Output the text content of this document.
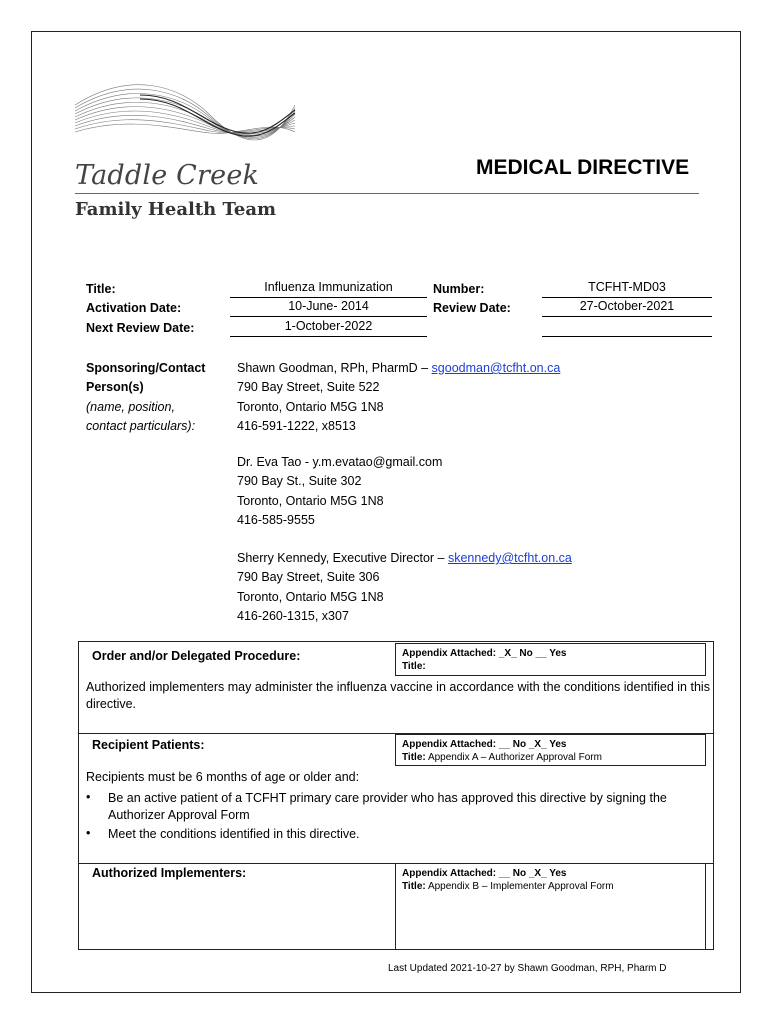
Taddle Creek
Family Health Team
MEDICAL DIRECTIVE
Title:	Influenza Immunization	Number:	TCFHT-MD03
Activation Date:	10-June- 2014	Review Date:	27-October-2021
Next Review Date:	1-October-2022
Sponsoring/Contact
Person(s)
(name, position,
contact particulars):
Shawn Goodman, RPh, PharmD – sgoodman@tcfht.on.ca
790 Bay Street, Suite 522
Toronto, Ontario M5G 1N8
416-591-1222, x8513
Dr. Eva Tao - y.m.evatao@gmail.com
790 Bay St., Suite 302
Toronto, Ontario M5G 1N8
416-585-9555
Sherry Kennedy, Executive Director – skennedy@tcfht.on.ca
790 Bay Street, Suite 306
Toronto, Ontario M5G 1N8
416-260-1315, x307
Order and/or Delegated Procedure:	Appendix Attached: _X_ No __ Yes
Title:
Authorized implementers may administer the influenza vaccine in accordance with the conditions identified in this directive.
Recipient Patients:	Appendix Attached: __ No _X_ Yes
Title: Appendix A – Authorizer Approval Form
Recipients must be 6 months of age or older and:
• Be an active patient of a TCFHT primary care provider who has approved this directive by signing the Authorizer Approval Form
• Meet the conditions identified in this directive.
Authorized Implementers:	Appendix Attached: __ No _X_ Yes
Title: Appendix B – Implementer Approval Form
Last Updated 2021-10-27 by Shawn Goodman, RPH, Pharm D
